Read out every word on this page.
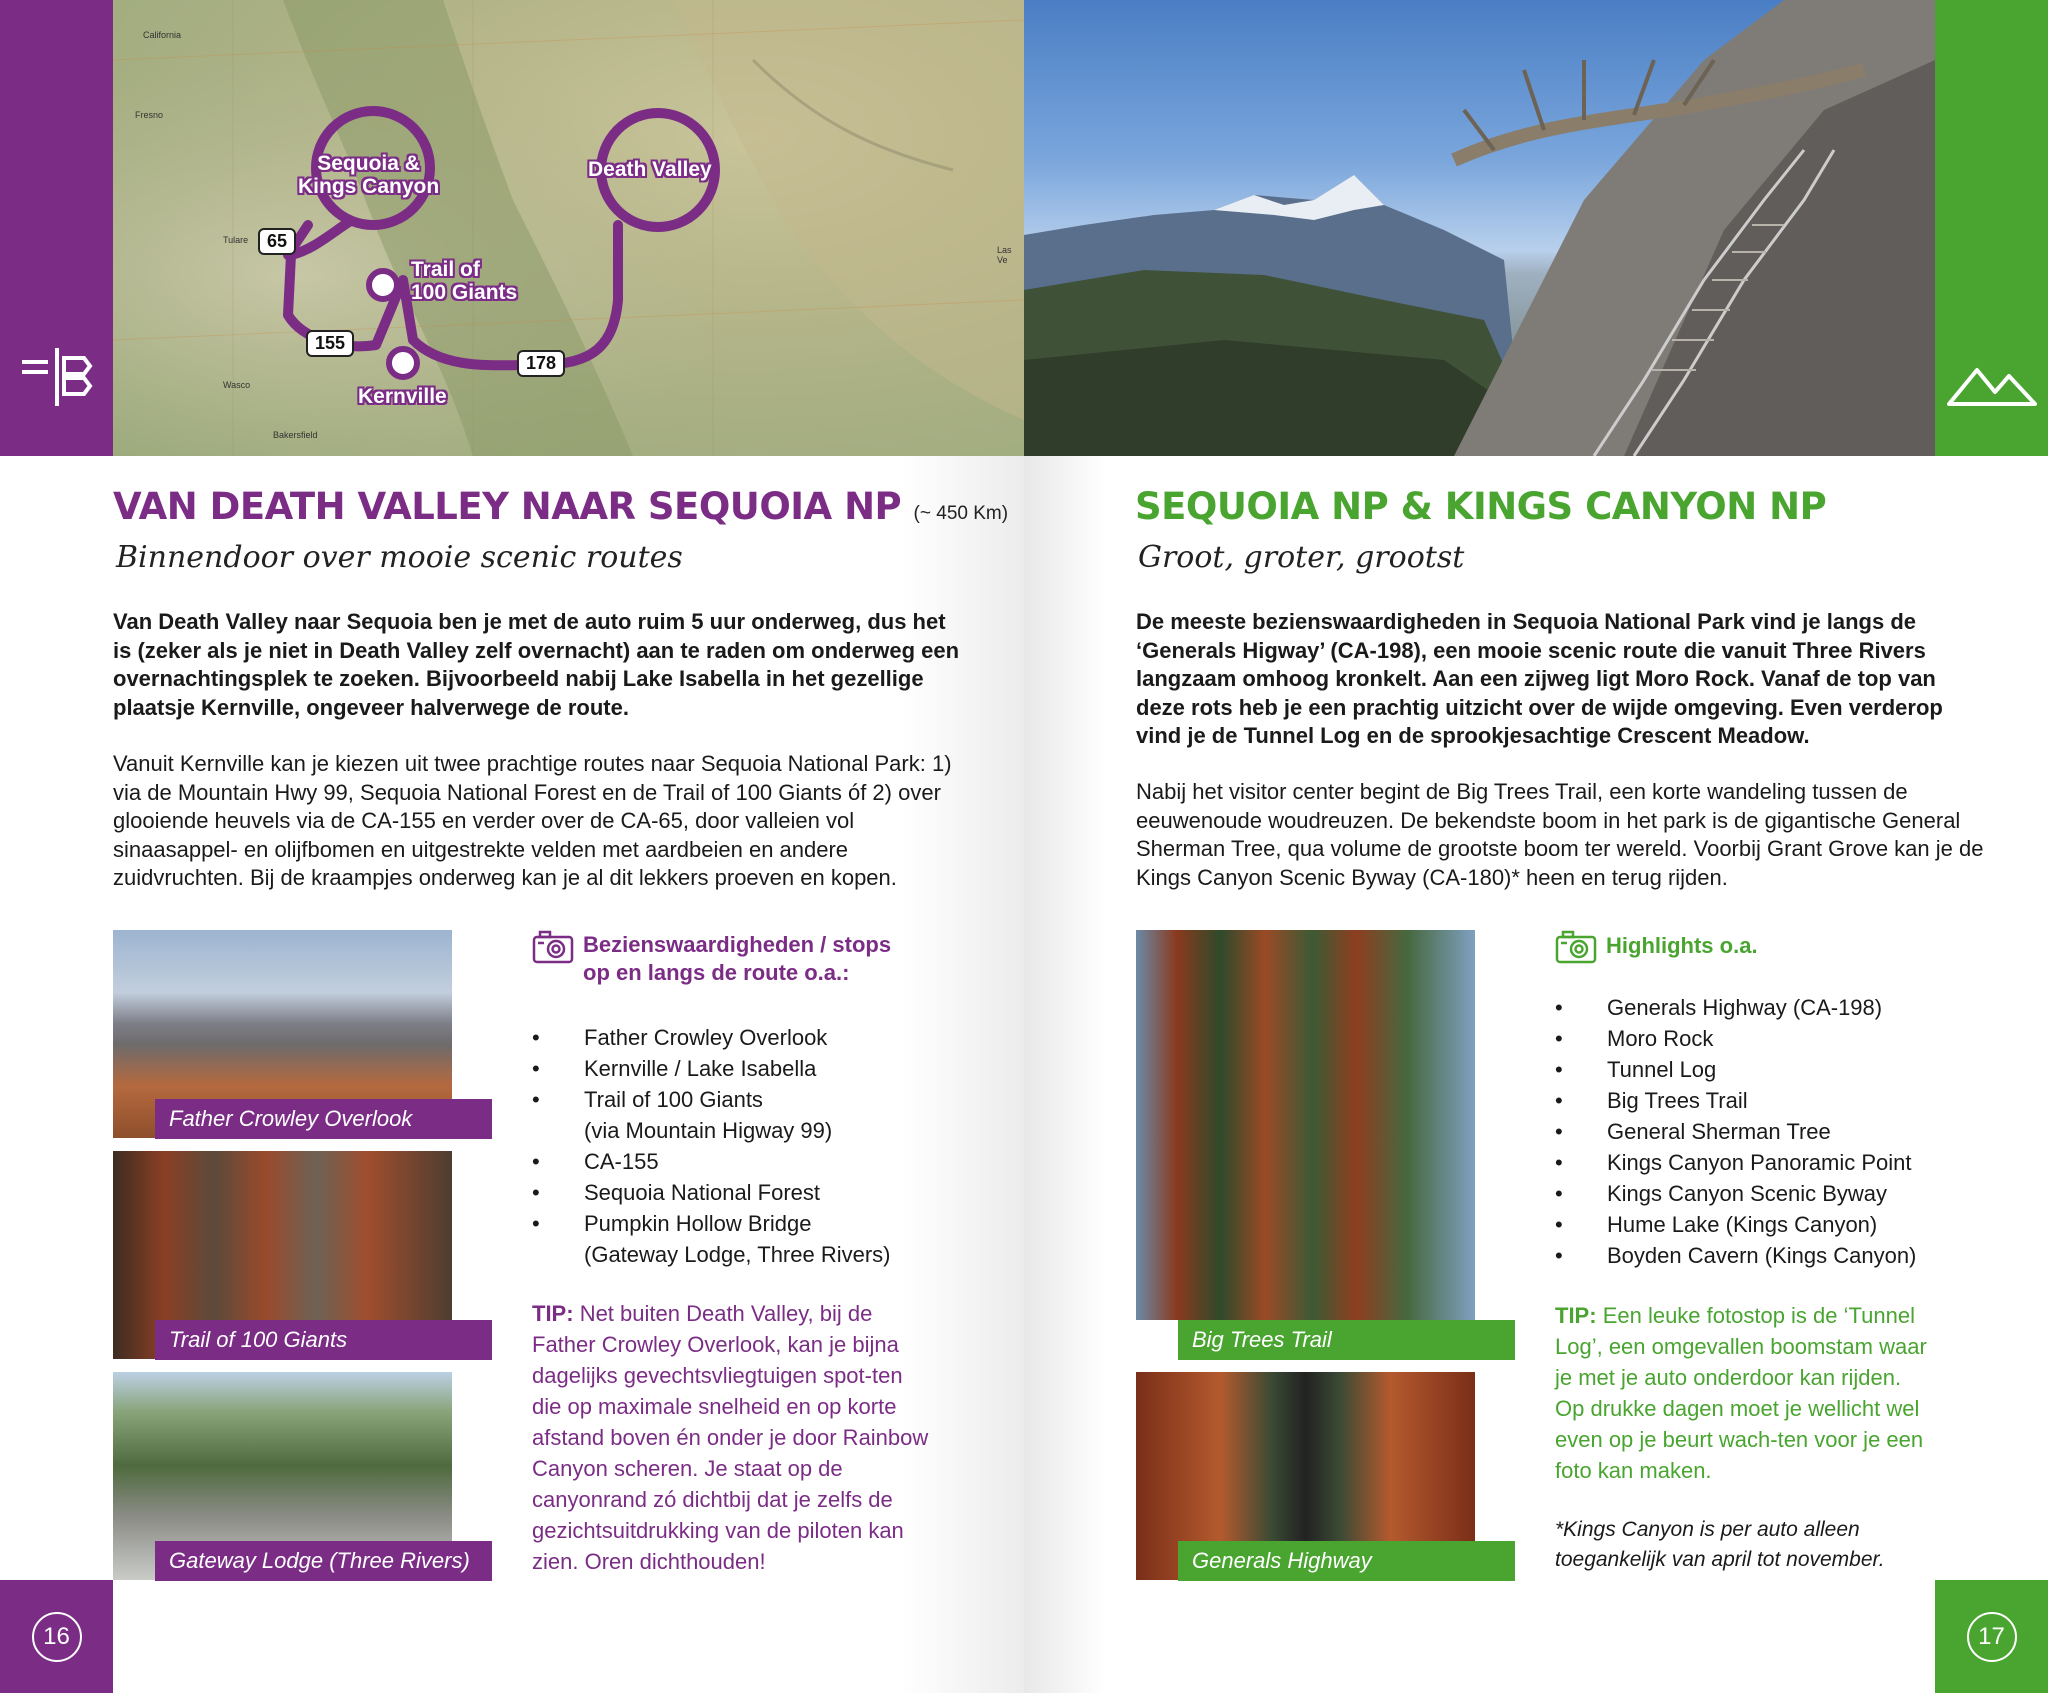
California
Fresno
Tulare
Wasco
Bakersfield
Las Ve
Sequoia &
Kings Canyon
Death Valley
Trail of
100 Giants
Kernville
65
155
178
VAN DEATH VALLEY NAAR SEQUOIA NP (~ 450 Km)
Binnendoor over mooie scenic routes

Van Death Valley naar Sequoia ben je met de auto ruim 5 uur onderweg, dus het is (zeker als je niet in Death Valley zelf overnacht) aan te raden om onderweg een overnachtingsplek te zoeken. Bijvoorbeeld nabij Lake Isabella in het gezellige plaatsje Kernville, ongeveer halverwege de route.

Vanuit Kernville kan je kiezen uit twee prachtige routes naar Sequoia National Park: 1) via de Mountain Hwy 99, Sequoia National Forest en de Trail of 100 Giants óf 2) over glooiende heuvels via de CA-155 en verder over de CA-65, door valleien vol sinaasappel- en olijfbomen en uitgestrekte velden met aardbeien en andere zuidvruchten. Bij de kraampjes onderweg kan je al dit lekkers proeven en kopen.

Father Crowley Overlook
Trail of 100 Giants
Gateway Lodge (Three Rivers)
Bezienswaardigheden / stops
op en langs de route o.a.:
• Father Crowley Overlook
• Kernville / Lake Isabella
• Trail of 100 Giants
(via Mountain Higway 99)
• CA-155
• Sequoia National Forest
• Pumpkin Hollow Bridge
(Gateway Lodge, Three Rivers)
TIP: Net buiten Death Valley, bij de Father Crowley Overlook, kan je bijna dagelijks gevechtsvliegtuigen spot-ten die op maximale snelheid en op korte afstand boven én onder je door Rainbow Canyon scheren. Je staat op de canyonrand zó dichtbij dat je zelfs de gezichtsuitdrukking van de piloten kan zien. Oren dichthouden!
16
SEQUOIA NP & KINGS CANYON NP
Groot, groter, grootst

De meeste bezienswaardigheden in Sequoia National Park vind je langs de ‘Generals Higway’ (CA-198), een mooie scenic route die vanuit Three Rivers langzaam omhoog kronkelt. Aan een zijweg ligt Moro Rock. Vanaf de top van deze rots heb je een prachtig uitzicht over de wijde omgeving. Even verderop vind je de Tunnel Log en de sprookjesachtige Crescent Meadow.

Nabij het visitor center begint de Big Trees Trail, een korte wandeling tussen de eeuwenoude woudreuzen. De bekendste boom in het park is de gigantische General Sherman Tree, qua volume de grootste boom ter wereld. Voorbij Grant Grove kan je de Kings Canyon Scenic Byway (CA-180)* heen en terug rijden.

Big Trees Trail
Generals Highway
Highlights o.a.
• Generals Highway (CA-198)
• Moro Rock
• Tunnel Log
• Big Trees Trail
• General Sherman Tree
• Kings Canyon Panoramic Point
• Kings Canyon Scenic Byway
• Hume Lake (Kings Canyon)
• Boyden Cavern (Kings Canyon)
TIP: Een leuke fotostop is de ‘Tunnel Log’, een omgevallen boomstam waar je met je auto onderdoor kan rijden. Op drukke dagen moet je wellicht wel even op je beurt wach-ten voor je een foto kan maken.
*Kings Canyon is per auto alleen toegankelijk van april tot november.
17
